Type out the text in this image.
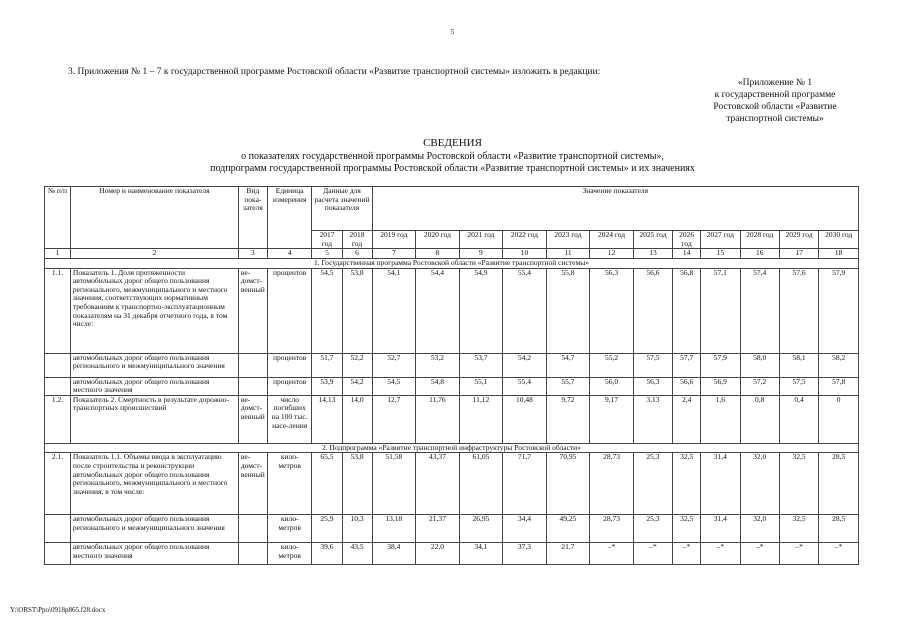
5
3. Приложения № 1 – 7 к государственной программе Ростовской области «Развитие транспортной системы» изложить в редакции:
«Приложение № 1
к государственной программе
Ростовской области «Развитие
транспортной системы»
СВЕДЕНИЯ
о показателях государственной программы Ростовской области «Развитие транспортной системы»,
подпрограмм государственной программы Ростовской области «Развитие транспортной системы» и их значениях
№ п/п	Номер и наименование показателя	Вид пока-зателя	Единица измерения	Данные для расчета значений показателя		Значение показателя											
				2017 год	2018 год	2019 год	2020 год	2021 год	2022 год	2023 год	2024 год	2025 год	2026 год	2027 год	2028 год	2029 год	2030 год
1	2	3	4	5	6	7	8	9	10	11	12	13	14	15	16	17	18
1. Государственная программа Ростовской области «Развитие транспортной системы»																	
1.1.	Показатель 1. Доля протяженности автомобильных дорог общего пользования регионального, межмуниципального и местного значения, соответствующих нормативным требованиям к транспортно-эксплуатационным показателям на 31 декабря отчетного года, в том числе:	ве-домст-венный	процентов	54,5	53,8	54,1	54,4	54,9	55,4	55,8	56,3	56,6	56,8	57,1	57,4	57,6	57,9
	автомобильных дорог общего пользования регионального и межмуниципального значения		процентов	51,7	52,2	52,7	53,2	53,7	54,2	54,7	55,2	57,5	57,7	57,9	58,0	58,1	58,2
	автомобильных дорог общего пользования местного значения		процентов	53,9	54,2	54,5	54,8	55,1	55,4	55,7	56,0	56,3	56,6	56,9	57,2	57,5	57,8
1.2.	Показатель 2. Смертность в результате дорожно-транспортных происшествий	ве-домст-венный	число погибших на 100 тыс. насе-ления	14,13	14,0	12,7	11,76	11,12	10,48	9,72	9,17	3,13	2,4	1,6	0,8	0,4	0
2. Подпрограмма «Развитие транспортной инфраструктуры Ростовской области»																	
2.1.	Показатель 1.1. Объемы ввода в эксплуатацию после строительства и реконструкции автомобильных дорог общего пользования регионального, межмуниципального и местного значения, в том числе:	ве-домст-венный	кило-метров	65,5	53,8	51,58	43,37	61,05	71,7	70,95	28,73	25,3	32,5	31,4	32,0	32,5	28,5
	автомобильных дорог общего пользования регионального и межмуниципального значения		кило-метров	25,9	10,3	13,18	21,37	26,95	34,4	49,25	28,73	25,3	32,5	31,4	32,0	32,5	28,5
	автомобильных дорог общего пользования местного значения		кило-метров	39,6	43,5	38,4	22,0	34,1	37,3	21,7	–*	–*	–*	–*	–*	–*	–*
Y:\ORST\Ppo\0918p865.f28.docx
